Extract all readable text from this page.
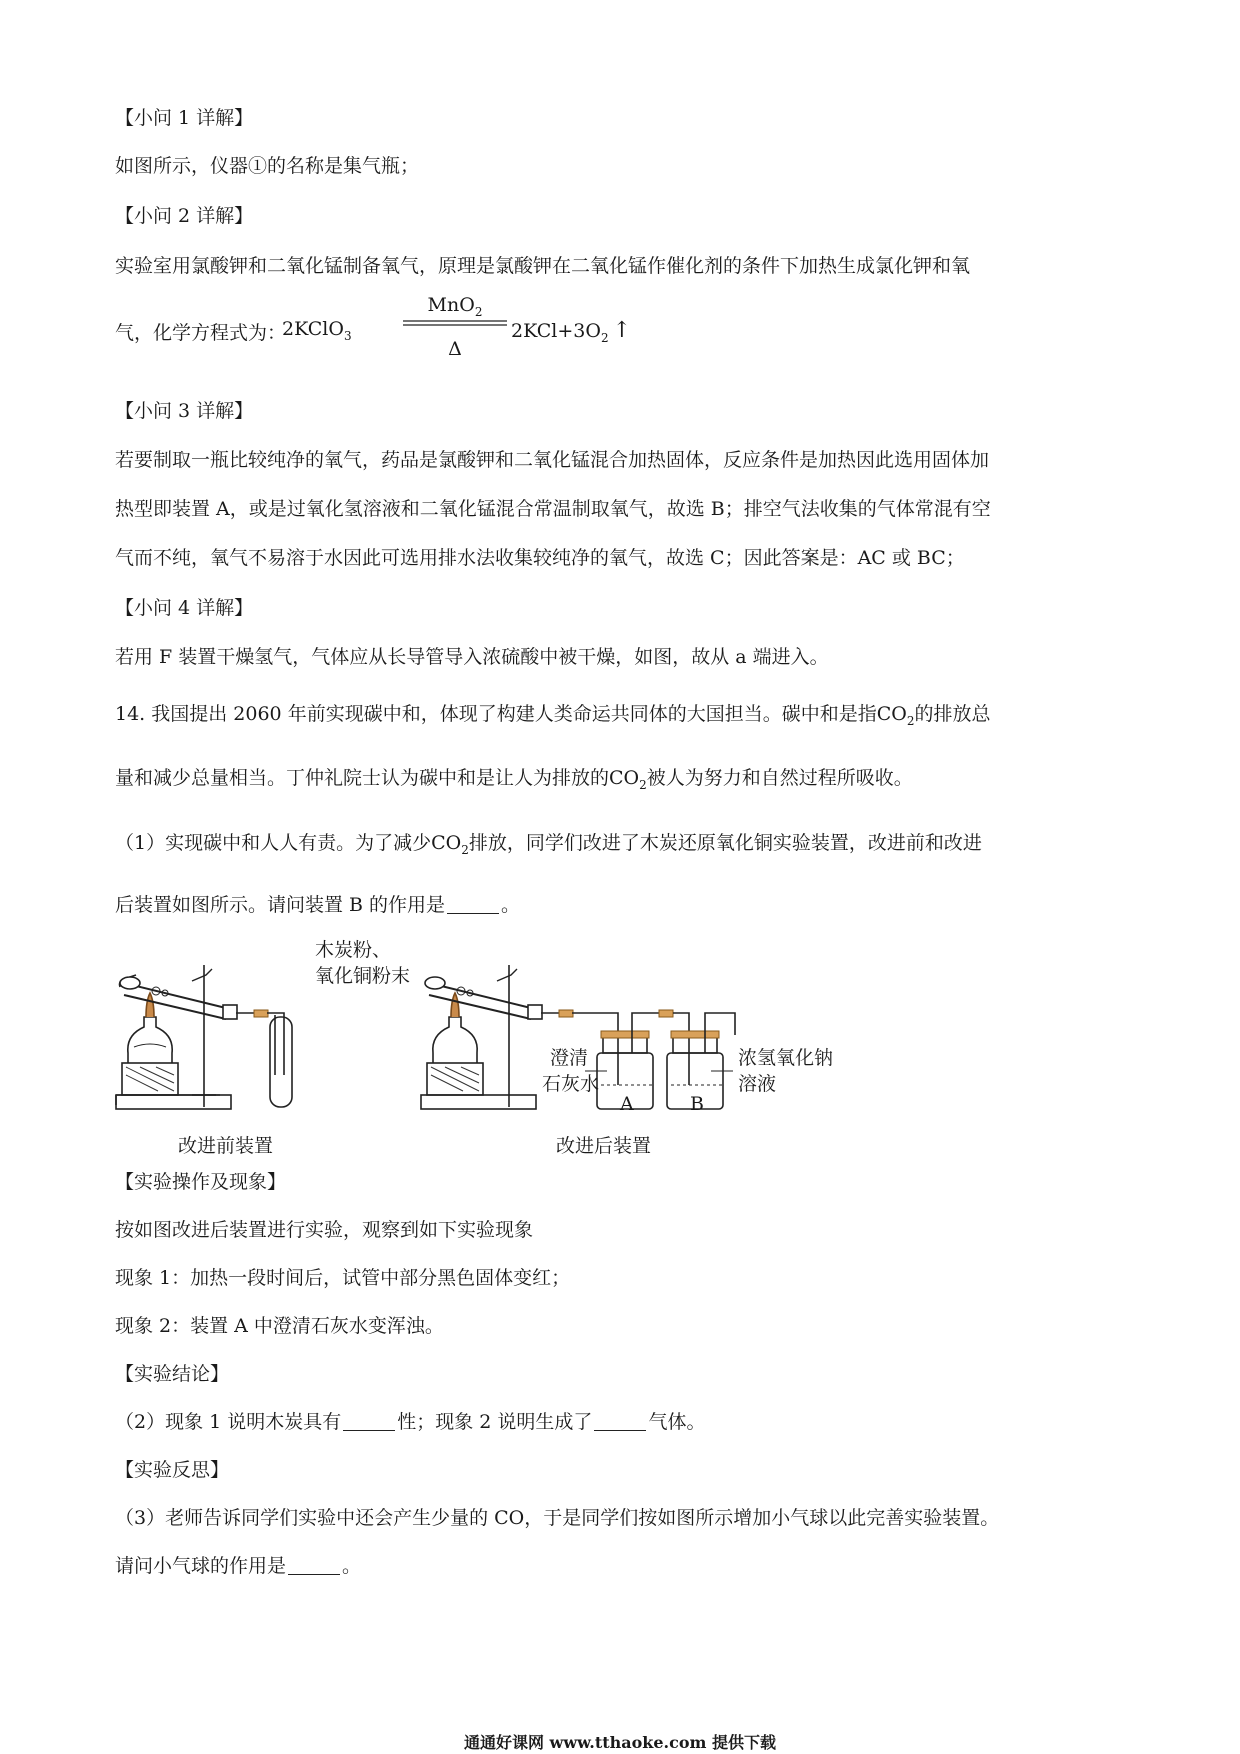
【小问 1 详解】
如图所示，仪器①的名称是集气瓶；
【小问 2 详解】
实验室用氯酸钾和二氧化锰制备氧气，原理是氯酸钾在二氧化锰作催化剂的条件下加热生成氯化钾和氧
气，化学方程式为：
2KClO$_3$
MnO$_2$
Δ
$2KCl+3O_2$ ↑
【小问 3 详解】
若要制取一瓶比较纯净的氧气，药品是氯酸钾和二氧化锰混合加热固体，反应条件是加热因此选用固体加
热型即装置 A，或是过氧化氢溶液和二氧化锰混合常温制取氧气，故选 B；排空气法收集的气体常混有空
气而不纯，氧气不易溶于水因此可选用排水法收集较纯净的氧气，故选 C；因此答案是：AC 或 BC；
【小问 4 详解】
若用 F 装置干燥氢气，气体应从长导管导入浓硫酸中被干燥，如图，故从 a 端进入。
14. 我国提出 2060 年前实现碳中和，体现了构建人类命运共同体的大国担当。碳中和是指$CO_2$的排放总
量和减少总量相当。丁仲礼院士认为碳中和是让人为排放的$CO_2$被人为努力和自然过程所吸收。
（1）实现碳中和人人有责。为了减少$CO_2$排放，同学们改进了木炭还原氧化铜实验装置，改进前和改进
后装置如图所示。请问装置 B 的作用是	。
木炭粉、
氧化铜粉末
澄清
石灰水
浓氢氧化钠
溶液
A	B
改进前装置	改进后装置
【实验操作及现象】
按如图改进后装置进行实验，观察到如下实验现象
现象 1：加热一段时间后，试管中部分黑色固体变红；
现象 2：装置 A 中澄清石灰水变浑浊。
【实验结论】
（2）现象 1 说明木炭具有	性；现象 2 说明生成了	气体。
【实验反思】
（3）老师告诉同学们实验中还会产生少量的 CO，于是同学们按如图所示增加小气球以此完善实验装置。
请问小气球的作用是	。
通通好课网 www.tthaoke.com 提供下载
